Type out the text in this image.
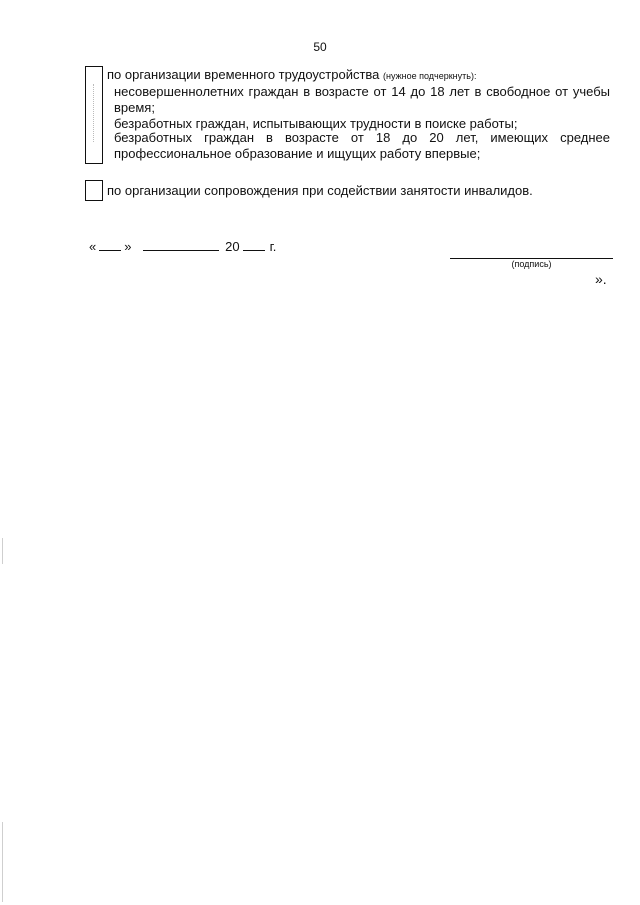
50
по организации временного трудоустройства (нужное подчеркнуть):
несовершеннолетних граждан в возрасте от 14 до 18 лет в свободное от учебы
время;
безработных граждан, испытывающих трудности в поиске работы;
безработных граждан в возрасте от 18 до 20 лет, имеющих среднее
профессиональное образование и ищущих работу впервые;
по организации сопровождения при содействии занятости инвалидов.
« »	20 г.
(подпись)
».
